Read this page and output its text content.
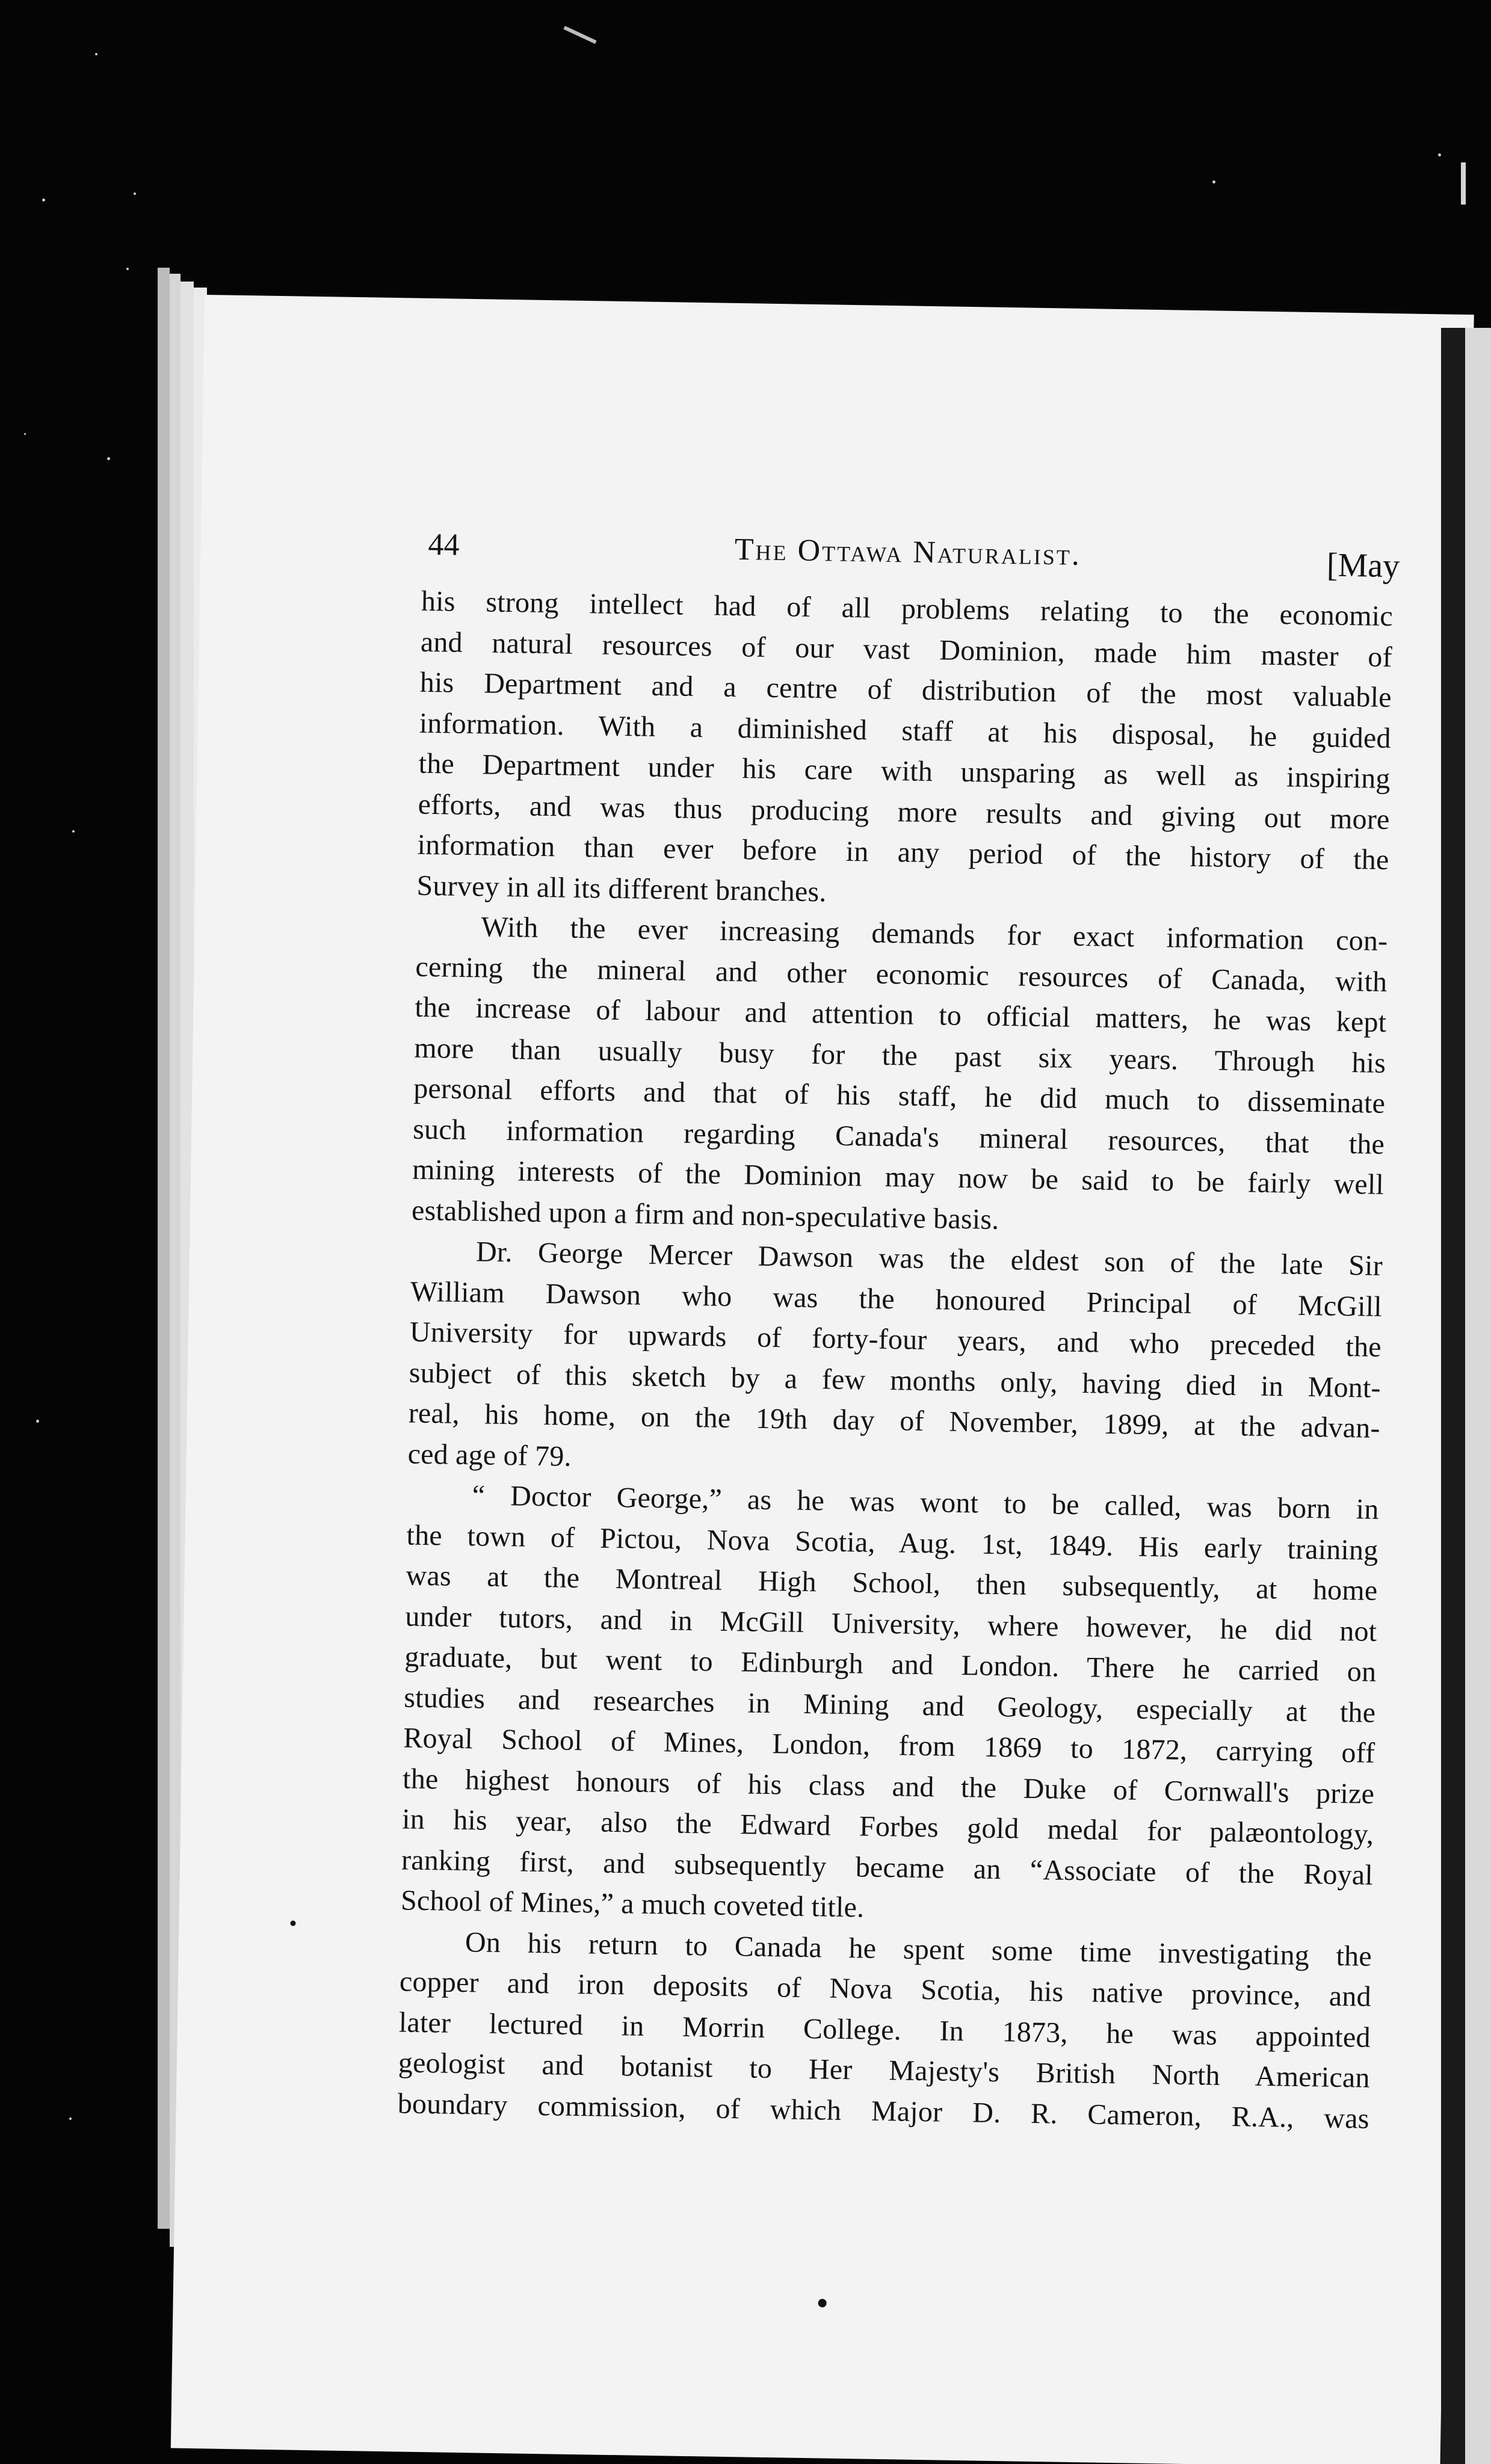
44	The Ottawa Naturalist.	[May
his strong intellect had of all problems relating to the economic
and natural resources of our vast Dominion, made him master of
his Department and a centre of distribution of the most valuable
information. With a diminished staff at his disposal, he guided
the Department under his care with unsparing as well as inspiring
efforts, and was thus producing more results and giving out more
information than ever before in any period of the history of the
Survey in all its different branches.
With the ever increasing demands for exact information con-
cerning the mineral and other economic resources of Canada, with
the increase of labour and attention to official matters, he was kept
more than usually busy for the past six years. Through his
personal efforts and that of his staff, he did much to disseminate
such information regarding Canada's mineral resources, that the
mining interests of the Dominion may now be said to be fairly well
established upon a firm and non-speculative basis.
Dr. George Mercer Dawson was the eldest son of the late Sir
William Dawson who was the honoured Principal of McGill
University for upwards of forty-four years, and who preceded the
subject of this sketch by a few months only, having died in Mont-
real, his home, on the 19th day of November, 1899, at the advan-
ced age of 79.
“ Doctor George,” as he was wont to be called, was born in
the town of Pictou, Nova Scotia, Aug. 1st, 1849. His early training
was at the Montreal High School, then subsequently, at home
under tutors, and in McGill University, where however, he did not
graduate, but went to Edinburgh and London. There he carried on
studies and researches in Mining and Geology, especially at the
Royal School of Mines, London, from 1869 to 1872, carrying off
the highest honours of his class and the Duke of Cornwall's prize
in his year, also the Edward Forbes gold medal for palæontology,
ranking first, and subsequently became an “Associate of the Royal
School of Mines,” a much coveted title.
On his return to Canada he spent some time investigating the
copper and iron deposits of Nova Scotia, his native province, and
later lectured in Morrin College. In 1873, he was appointed
geologist and botanist to Her Majesty's British North American
boundary commission, of which Major D. R. Cameron, R.A., was
